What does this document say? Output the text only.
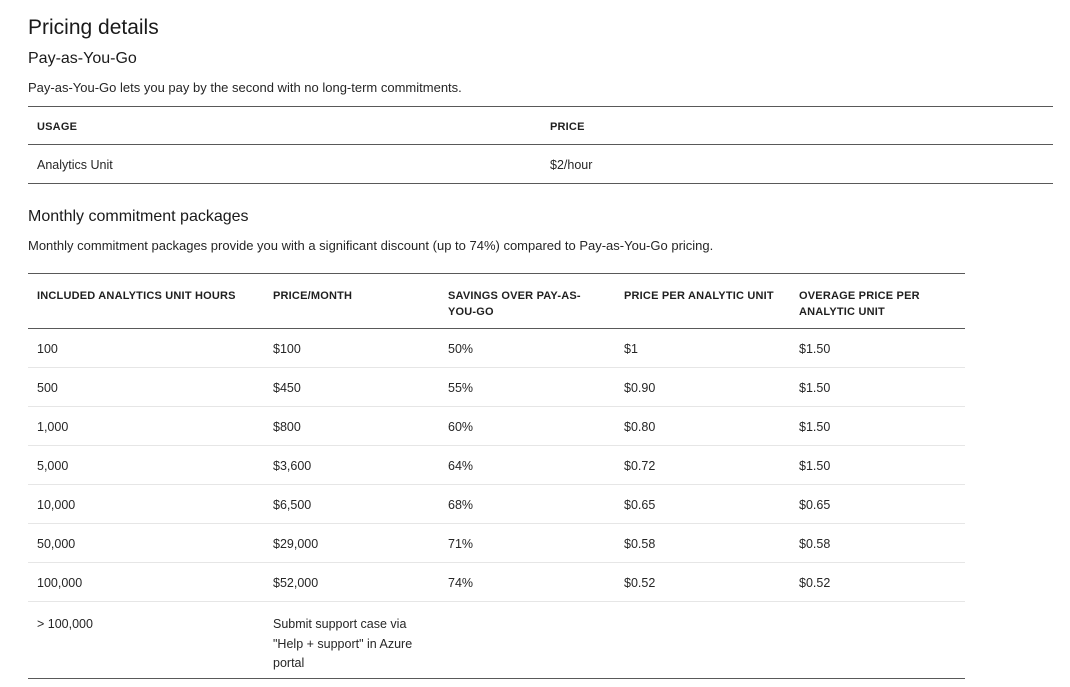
Pricing details
Pay-as-You-Go

Pay-as-You-Go lets you pay by the second with no long-term commitments.

USAGE	PRICE
Analytics Unit	$2/hour
Monthly commitment packages

Monthly commitment packages provide you with a significant discount (up to 74%) compared to Pay-as-You-Go pricing.

INCLUDED ANALYTICS UNIT HOURS	PRICE/MONTH	SAVINGS OVER PAY-AS-YOU-GO	PRICE PER ANALYTIC UNIT	OVERAGE PRICE PER ANALYTIC UNIT
100	$100	50%	$1	$1.50
500	$450	55%	$0.90	$1.50
1,000	$800	60%	$0.80	$1.50
5,000	$3,600	64%	$0.72	$1.50
10,000	$6,500	68%	$0.65	$0.65
50,000	$29,000	71%	$0.58	$0.58
100,000	$52,000	74%	$0.52	$0.52
> 100,000	Submit support case via "Help + support" in Azure portal			
